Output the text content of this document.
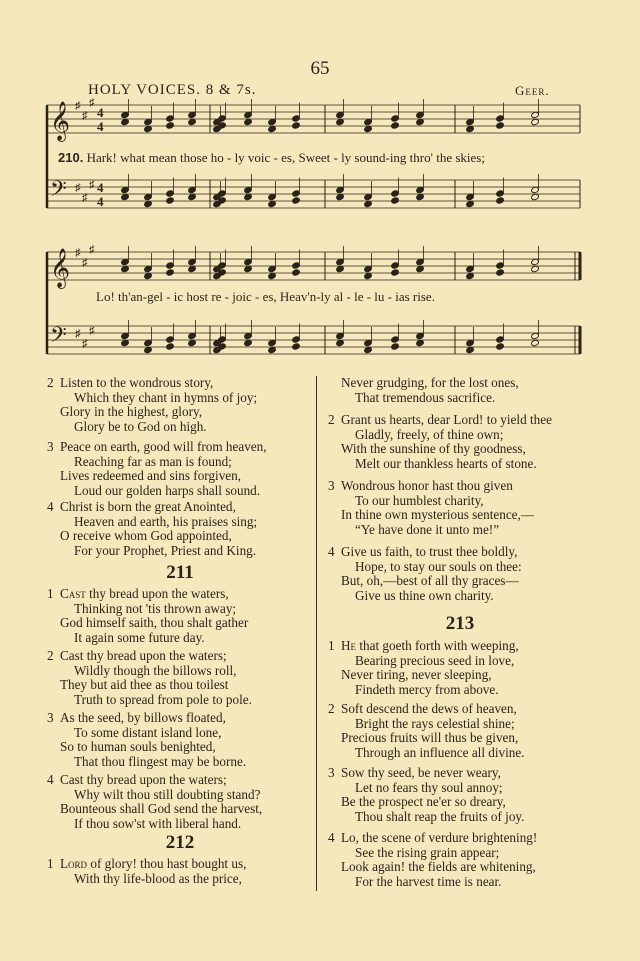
65
HOLY VOICES. 8 & 7s.	Geer.
𝄞 ♯
♯
♯
4
4
𝄢 ♯
♯
♯ 4
4
𝄞 ♯
♯
♯
𝄢 ♯
♯
♯
210. Hark! what mean those ho - ly voic - es, Sweet - ly sound-ing thro' the skies;
Lo! th'an-gel - ic host re - joic - es, Heav'n-ly al - le - lu - ias rise.
2 Listen to the wondrous story,
Which they chant in hymns of joy;
Glory in the highest, glory,
Glory be to God on high.
3 Peace on earth, good will from heaven,
Reaching far as man is found;
Lives redeemed and sins forgiven,
Loud our golden harps shall sound.
4 Christ is born the great Anointed,
Heaven and earth, his praises sing;
O receive whom God appointed,
For your Prophet, Priest and King.
211
1 Cast thy bread upon the waters,
Thinking not 'tis thrown away;
God himself saith, thou shalt gather
It again some future day.
2 Cast thy bread upon the waters;
Wildly though the billows roll,
They but aid thee as thou toilest
Truth to spread from pole to pole.
3 As the seed, by billows floated,
To some distant island lone,
So to human souls benighted,
That thou flingest may be borne.
4 Cast thy bread upon the waters;
Why wilt thou still doubting stand?
Bounteous shall God send the harvest,
If thou sow'st with liberal hand.
212
1 Lord of glory! thou hast bought us,
With thy life-blood as the price,
Never grudging, for the lost ones,
That tremendous sacrifice.
2 Grant us hearts, dear Lord! to yield thee
Gladly, freely, of thine own;
With the sunshine of thy goodness,
Melt our thankless hearts of stone.
3 Wondrous honor hast thou given
To our humblest charity,
In thine own mysterious sentence,—
“Ye have done it unto me!”
4 Give us faith, to trust thee boldly,
Hope, to stay our souls on thee:
But, oh,—best of all thy graces—
Give us thine own charity.
213
1 He that goeth forth with weeping,
Bearing precious seed in love,
Never tiring, never sleeping,
Findeth mercy from above.
2 Soft descend the dews of heaven,
Bright the rays celestial shine;
Precious fruits will thus be given,
Through an influence all divine.
3 Sow thy seed, be never weary,
Let no fears thy soul annoy;
Be the prospect ne'er so dreary,
Thou shalt reap the fruits of joy.
4 Lo, the scene of verdure brightening!
See the rising grain appear;
Look again! the fields are whitening,
For the harvest time is near.
